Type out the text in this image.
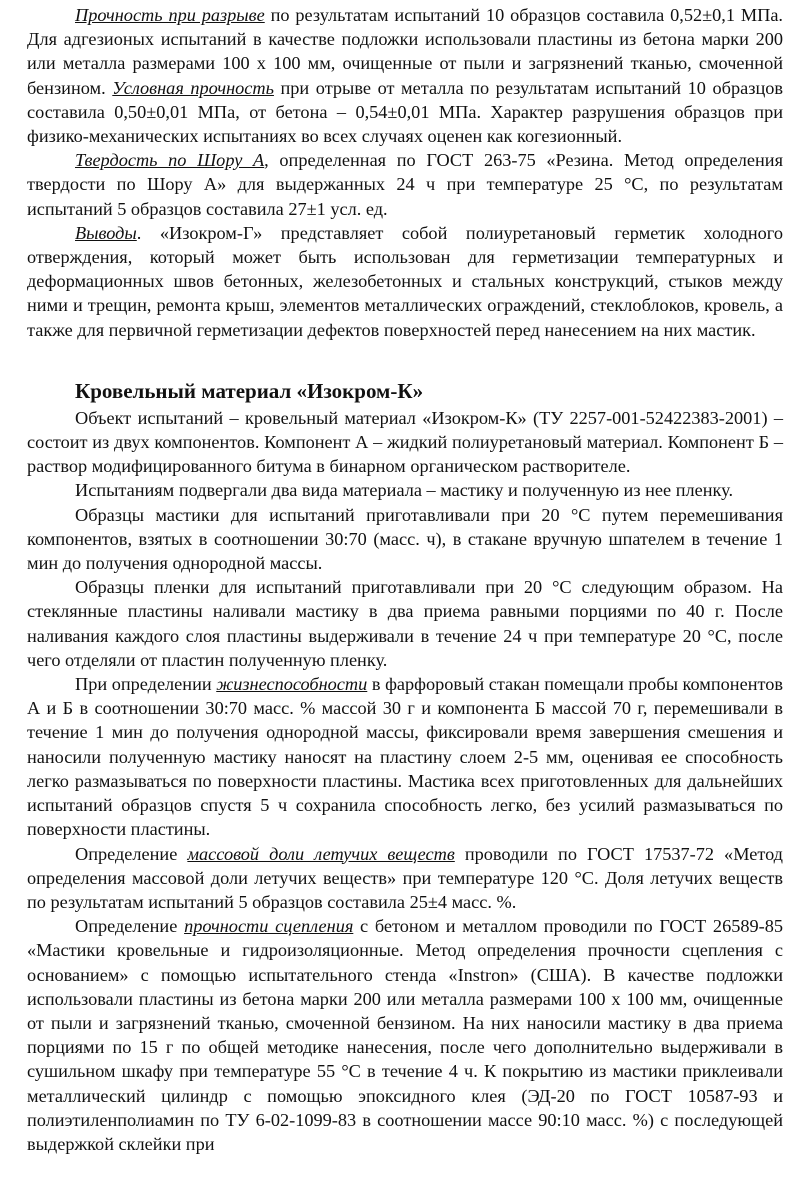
Прочность при разрыве по результатам испытаний 10 образцов составила 0,52±0,1 МПа. Для адгезионых испытаний в качестве подложки использовали пластины из бетона марки 200 или металла размерами 100 х 100 мм, очищенные от пыли и загрязнений тканью, смоченной бензином. Условная прочность при отрыве от металла по результатам испытаний 10 образцов составила 0,50±0,01 МПа, от бетона – 0,54±0,01 МПа. Характер разрушения образцов при физико-механических испытаниях во всех случаях оценен как когезионный.

Твердость по Шору А, определенная по ГОСТ 263-75 «Резина. Метод определения твердости по Шору А» для выдержанных 24 ч при температуре 25 °С, по результатам испытаний 5 образцов составила 27±1 усл. ед.

Выводы. «Изокром-Г» представляет собой полиуретановый герметик холодного отверждения, который может быть использован для герметизации температурных и деформационных швов бетонных, железобетонных и стальных конструкций, стыков между ними и трещин, ремонта крыш, элементов металлических ограждений, стеклоблоков, кровель, а также для первичной герметизации дефектов поверхностей перед нанесением на них мастик.

Кровельный материал «Изокром-К»

Объект испытаний – кровельный материал «Изокром-К» (ТУ 2257-001-52422383-2001) – состоит из двух компонентов. Компонент А – жидкий полиуретановый материал. Компонент Б – раствор модифицированного битума в бинарном органическом растворителе.

Испытаниям подвергали два вида материала – мастику и полученную из нее пленку.

Образцы мастики для испытаний приготавливали при 20 °С путем перемешивания компонентов, взятых в соотношении 30:70 (масс. ч), в стакане вручную шпателем в течение 1 мин до получения однородной массы.

Образцы пленки для испытаний приготавливали при 20 °С следующим образом. На стеклянные пластины наливали мастику в два приема равными порциями по 40 г. После наливания каждого слоя пластины выдерживали в течение 24 ч при температуре 20 °С, после чего отделяли от пластин полученную пленку.

При определении жизнеспособности в фарфоровый стакан помещали пробы компонентов А и Б в соотношении 30:70 масс. % массой 30 г и компонента Б массой 70 г, перемешивали в течение 1 мин до получения однородной массы, фиксировали время завершения смешения и наносили полученную мастику наносят на пластину слоем 2-5 мм, оценивая ее способность легко размазываться по поверхности пластины. Мастика всех приготовленных для дальнейших испытаний образцов спустя 5 ч сохранила способность легко, без усилий размазываться по поверхности пластины.

Определение массовой доли летучих веществ проводили по ГОСТ 17537-72 «Метод определения массовой доли летучих веществ» при температуре 120 °С. Доля летучих веществ по результатам испытаний 5 образцов составила 25±4 масс. %.

Определение прочности сцепления с бетоном и металлом проводили по ГОСТ 26589-85 «Мастики кровельные и гидроизоляционные. Метод определения прочности сцепления с основанием» с помощью испытательного стенда «Instron» (США). В качестве подложки использовали пластины из бетона марки 200 или металла размерами 100 х 100 мм, очищенные от пыли и загрязнений тканью, смоченной бензином. На них наносили мастику в два приема порциями по 15 г по общей методике нанесения, после чего дополнительно выдерживали в сушильном шкафу при температуре 55 °С в течение 4 ч. К покрытию из мастики приклеивали металлический цилиндр с помощью эпоксидного клея (ЭД-20 по ГОСТ 10587-93 и полиэтиленполиамин по ТУ 6-02-1099-83 в соотношении массе 90:10 масс. %) с последующей выдержкой склейки при
